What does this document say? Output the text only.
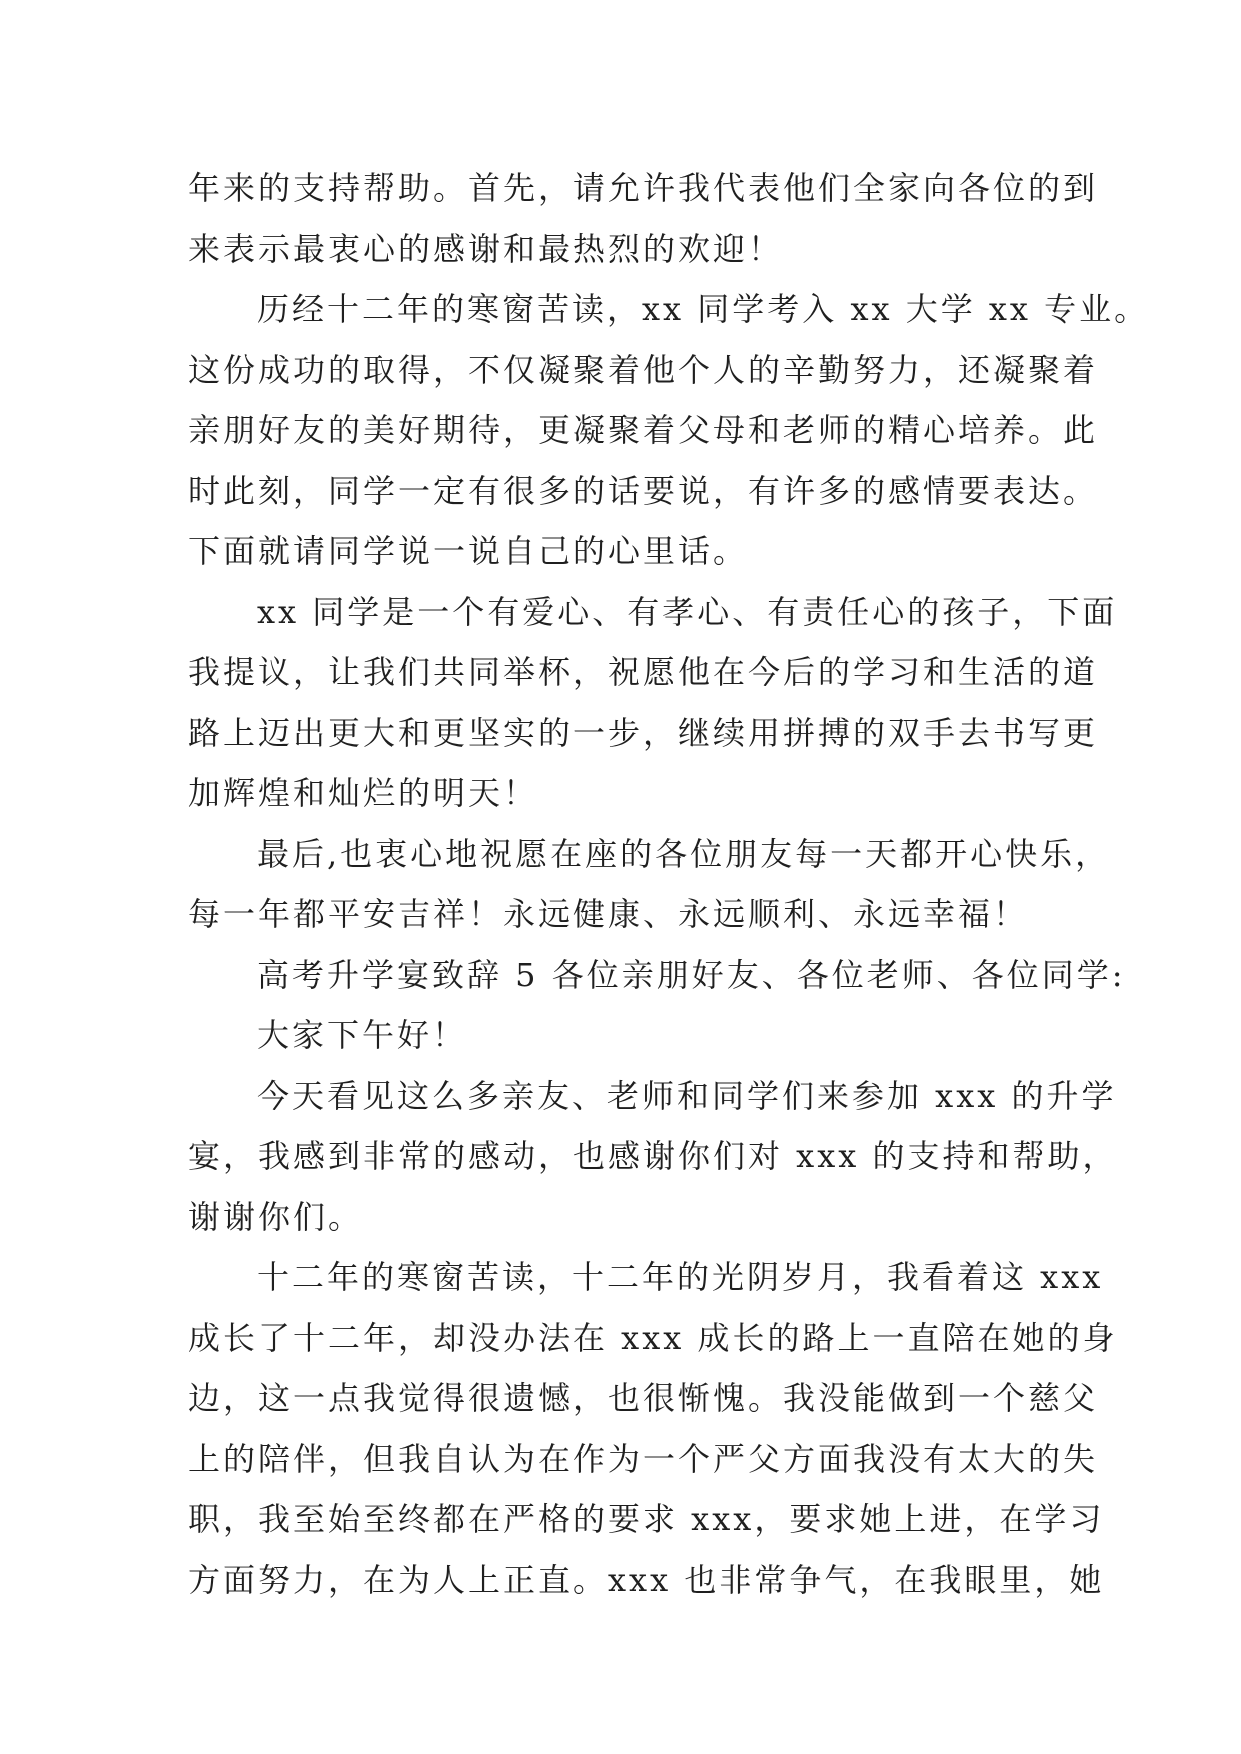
年来的支持帮助。首先，请允许我代表他们全家向各位的到
来表示最衷心的感谢和最热烈的欢迎！
历经十二年的寒窗苦读，xx 同学考入 xx 大学 xx 专业。
这份成功的取得，不仅凝聚着他个人的辛勤努力，还凝聚着
亲朋好友的美好期待，更凝聚着父母和老师的精心培养。此
时此刻，同学一定有很多的话要说，有许多的感情要表达。
下面就请同学说一说自己的心里话。
xx 同学是一个有爱心、有孝心、有责任心的孩子，下面
我提议，让我们共同举杯，祝愿他在今后的学习和生活的道
路上迈出更大和更坚实的一步，继续用拼搏的双手去书写更
加辉煌和灿烂的明天！
最后,也衷心地祝愿在座的各位朋友每一天都开心快乐，
每一年都平安吉祥！永远健康、永远顺利、永远幸福！
高考升学宴致辞 5 各位亲朋好友、各位老师、各位同学:
大家下午好！
今天看见这么多亲友、老师和同学们来参加 xxx 的升学
宴，我感到非常的感动，也感谢你们对 xxx 的支持和帮助，
谢谢你们。
十二年的寒窗苦读，十二年的光阴岁月，我看着这 xxx
成长了十二年，却没办法在 xxx 成长的路上一直陪在她的身
边，这一点我觉得很遗憾，也很惭愧。我没能做到一个慈父
上的陪伴，但我自认为在作为一个严父方面我没有太大的失
职，我至始至终都在严格的要求 xxx，要求她上进，在学习
方面努力，在为人上正直。xxx 也非常争气，在我眼里，她
